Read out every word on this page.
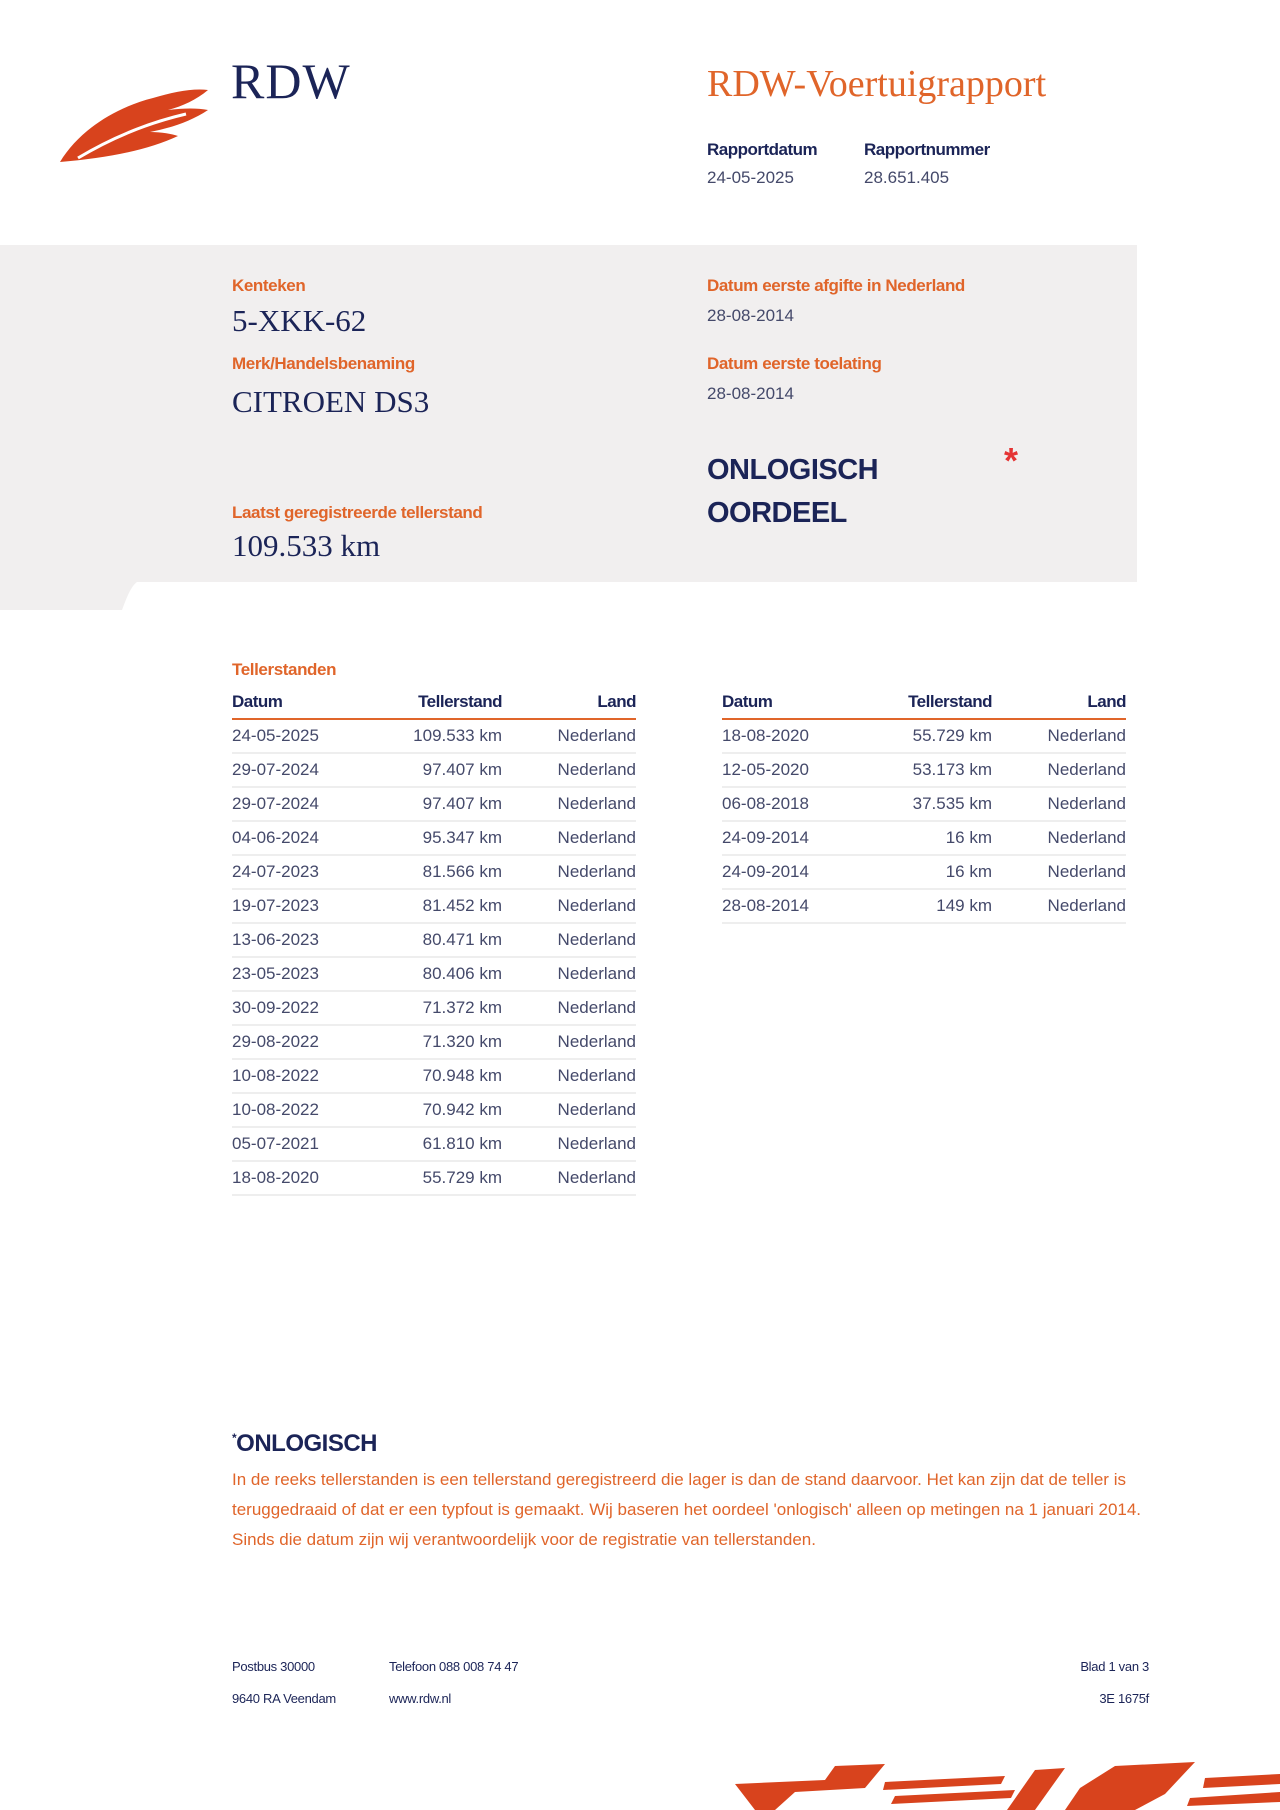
RDW	RDW-Voertuigrapport
Rapportdatum
24-05-2025
Rapportnummer
28.651.405
Kenteken
5-XKK-62
Merk/Handelsbenaming
CITROEN DS3
Laatst geregistreerde tellerstand
109.533 km
Datum eerste afgifte in Nederland
28-08-2014
Datum eerste toelating
28-08-2014
ONLOGISCH
OORDEEL
*
Tellerstanden
Datum	Tellerstand	Land
24-05-2025	109.533 km	Nederland
29-07-2024	97.407 km	Nederland
29-07-2024	97.407 km	Nederland
04-06-2024	95.347 km	Nederland
24-07-2023	81.566 km	Nederland
19-07-2023	81.452 km	Nederland
13-06-2023	80.471 km	Nederland
23-05-2023	80.406 km	Nederland
30-09-2022	71.372 km	Nederland
29-08-2022	71.320 km	Nederland
10-08-2022	70.948 km	Nederland
10-08-2022	70.942 km	Nederland
05-07-2021	61.810 km	Nederland
18-08-2020	55.729 km	Nederland
Datum	Tellerstand	Land
18-08-2020	55.729 km	Nederland
12-05-2020	53.173 km	Nederland
06-08-2018	37.535 km	Nederland
24-09-2014	16 km	Nederland
24-09-2014	16 km	Nederland
28-08-2014	149 km	Nederland
*ONLOGISCH
In de reeks tellerstanden is een tellerstand geregistreerd die lager is dan de stand daarvoor. Het kan zijn dat de teller is teruggedraaid of dat er een typfout is gemaakt. Wij baseren het oordeel 'onlogisch' alleen op metingen na 1 januari 2014. Sinds die datum zijn wij verantwoordelijk voor de registratie van tellerstanden.
Postbus 30000
9640 RA Veendam
Telefoon 088 008 74 47
www.rdw.nl
Blad 1 van 3
3E 1675f
